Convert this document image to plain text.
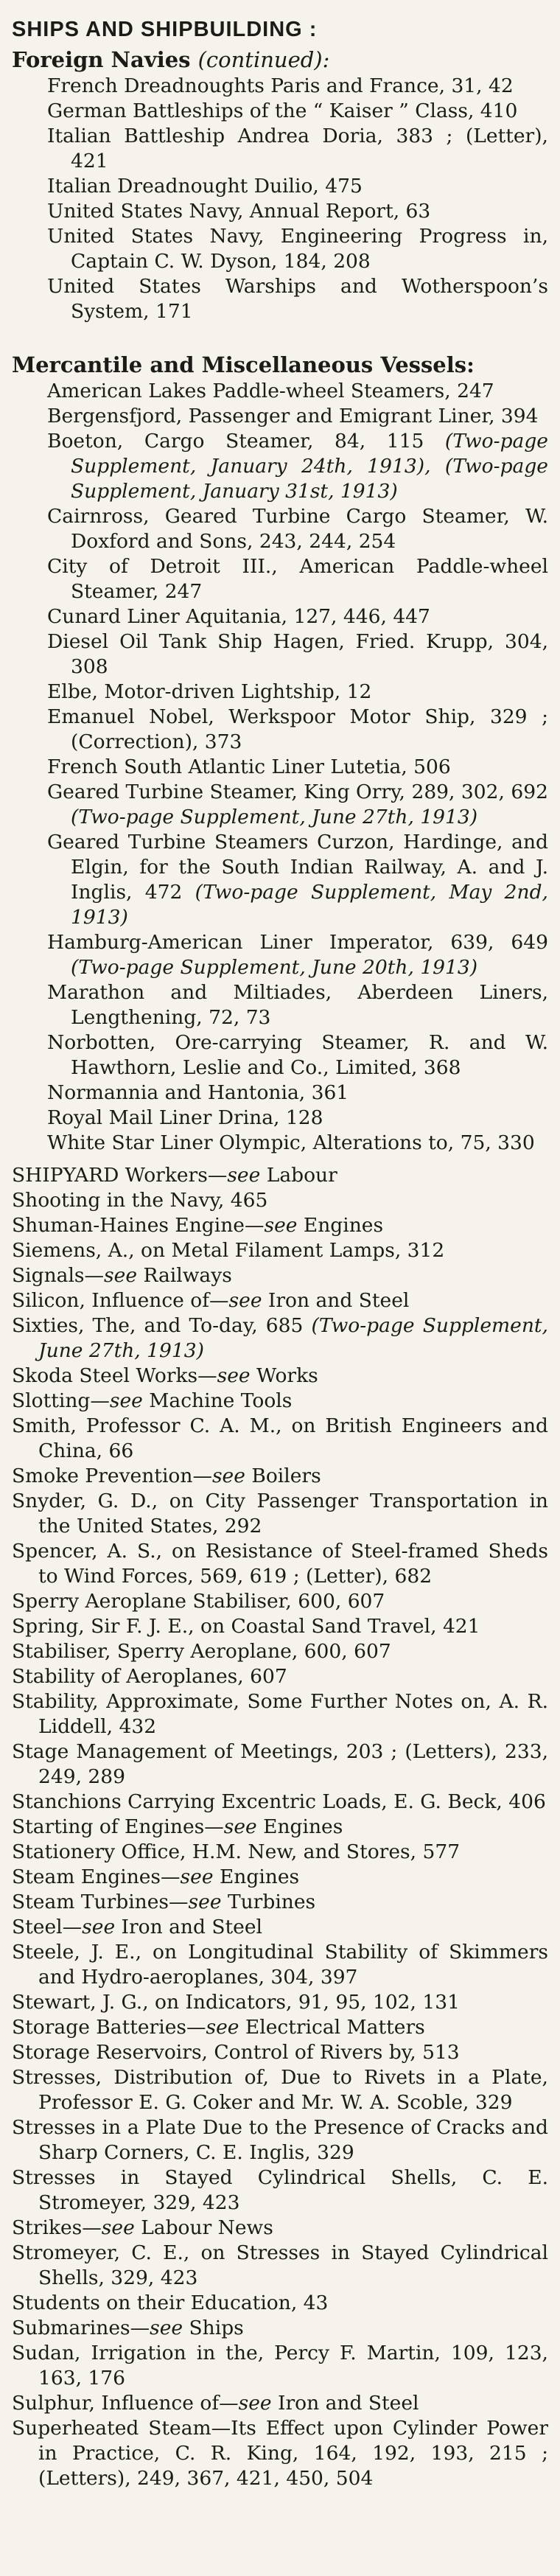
SHIPS AND SHIPBUILDING :
Foreign Navies (continued):
French Dreadnoughts Paris and France, 31, 42
German Battleships of the “ Kaiser ” Class, 410
Italian Battleship Andrea Doria, 383 ; (Letter), 421
Italian Dreadnought Duilio, 475
United States Navy, Annual Report, 63
United States Navy, Engineering Progress in, Captain C. W. Dyson, 184, 208
United States Warships and Wotherspoon’s System, 171
Mercantile and Miscellaneous Vessels:
American Lakes Paddle-wheel Steamers, 247
Bergensfjord, Passenger and Emigrant Liner, 394
Boeton, Cargo Steamer, 84, 115 (Two-page Supplement, January 24th, 1913), (Two-page Supplement, January 31st, 1913)
Cairnross, Geared Turbine Cargo Steamer, W. Doxford and Sons, 243, 244, 254
City of Detroit III., American Paddle-wheel Steamer, 247
Cunard Liner Aquitania, 127, 446, 447
Diesel Oil Tank Ship Hagen, Fried. Krupp, 304, 308
Elbe, Motor-driven Lightship, 12
Emanuel Nobel, Werkspoor Motor Ship, 329 ; (Correction), 373
French South Atlantic Liner Lutetia, 506
Geared Turbine Steamer, King Orry, 289, 302, 692 (Two-page Supplement, June 27th, 1913)
Geared Turbine Steamers Curzon, Hardinge, and Elgin, for the South Indian Railway, A. and J. Inglis, 472 (Two-page Supplement, May 2nd, 1913)
Hamburg-American Liner Imperator, 639, 649 (Two-page Supplement, June 20th, 1913)
Marathon and Miltiades, Aberdeen Liners, Lengthening, 72, 73
Norbotten, Ore-carrying Steamer, R. and W. Hawthorn, Leslie and Co., Limited, 368
Normannia and Hantonia, 361
Royal Mail Liner Drina, 128
White Star Liner Olympic, Alterations to, 75, 330
SHIPYARD Workers—see Labour
Shooting in the Navy, 465
Shuman-Haines Engine—see Engines
Siemens, A., on Metal Filament Lamps, 312
Signals—see Railways
Silicon, Influence of—see Iron and Steel
Sixties, The, and To-day, 685 (Two-page Supplement, June 27th, 1913)
Skoda Steel Works—see Works
Slotting—see Machine Tools
Smith, Professor C. A. M., on British Engineers and China, 66
Smoke Prevention—see Boilers
Snyder, G. D., on City Passenger Transportation in the United States, 292
Spencer, A. S., on Resistance of Steel-framed Sheds to Wind Forces, 569, 619 ; (Letter), 682
Sperry Aeroplane Stabiliser, 600, 607
Spring, Sir F. J. E., on Coastal Sand Travel, 421
Stabiliser, Sperry Aeroplane, 600, 607
Stability of Aeroplanes, 607
Stability, Approximate, Some Further Notes on, A. R. Liddell, 432
Stage Management of Meetings, 203 ; (Letters), 233, 249, 289
Stanchions Carrying Excentric Loads, E. G. Beck, 406
Starting of Engines—see Engines
Stationery Office, H.M. New, and Stores, 577
Steam Engines—see Engines
Steam Turbines—see Turbines
Steel—see Iron and Steel
Steele, J. E., on Longitudinal Stability of Skimmers and Hydro-aeroplanes, 304, 397
Stewart, J. G., on Indicators, 91, 95, 102, 131
Storage Batteries—see Electrical Matters
Storage Reservoirs, Control of Rivers by, 513
Stresses, Distribution of, Due to Rivets in a Plate, Professor E. G. Coker and Mr. W. A. Scoble, 329
Stresses in a Plate Due to the Presence of Cracks and Sharp Corners, C. E. Inglis, 329
Stresses in Stayed Cylindrical Shells, C. E. Stromeyer, 329, 423
Strikes—see Labour News
Stromeyer, C. E., on Stresses in Stayed Cylindrical Shells, 329, 423
Students on their Education, 43
Submarines—see Ships
Sudan, Irrigation in the, Percy F. Martin, 109, 123, 163, 176
Sulphur, Influence of—see Iron and Steel
Superheated Steam—Its Effect upon Cylinder Power in Practice, C. R. King, 164, 192, 193, 215 ; (Letters), 249, 367, 421, 450, 504
